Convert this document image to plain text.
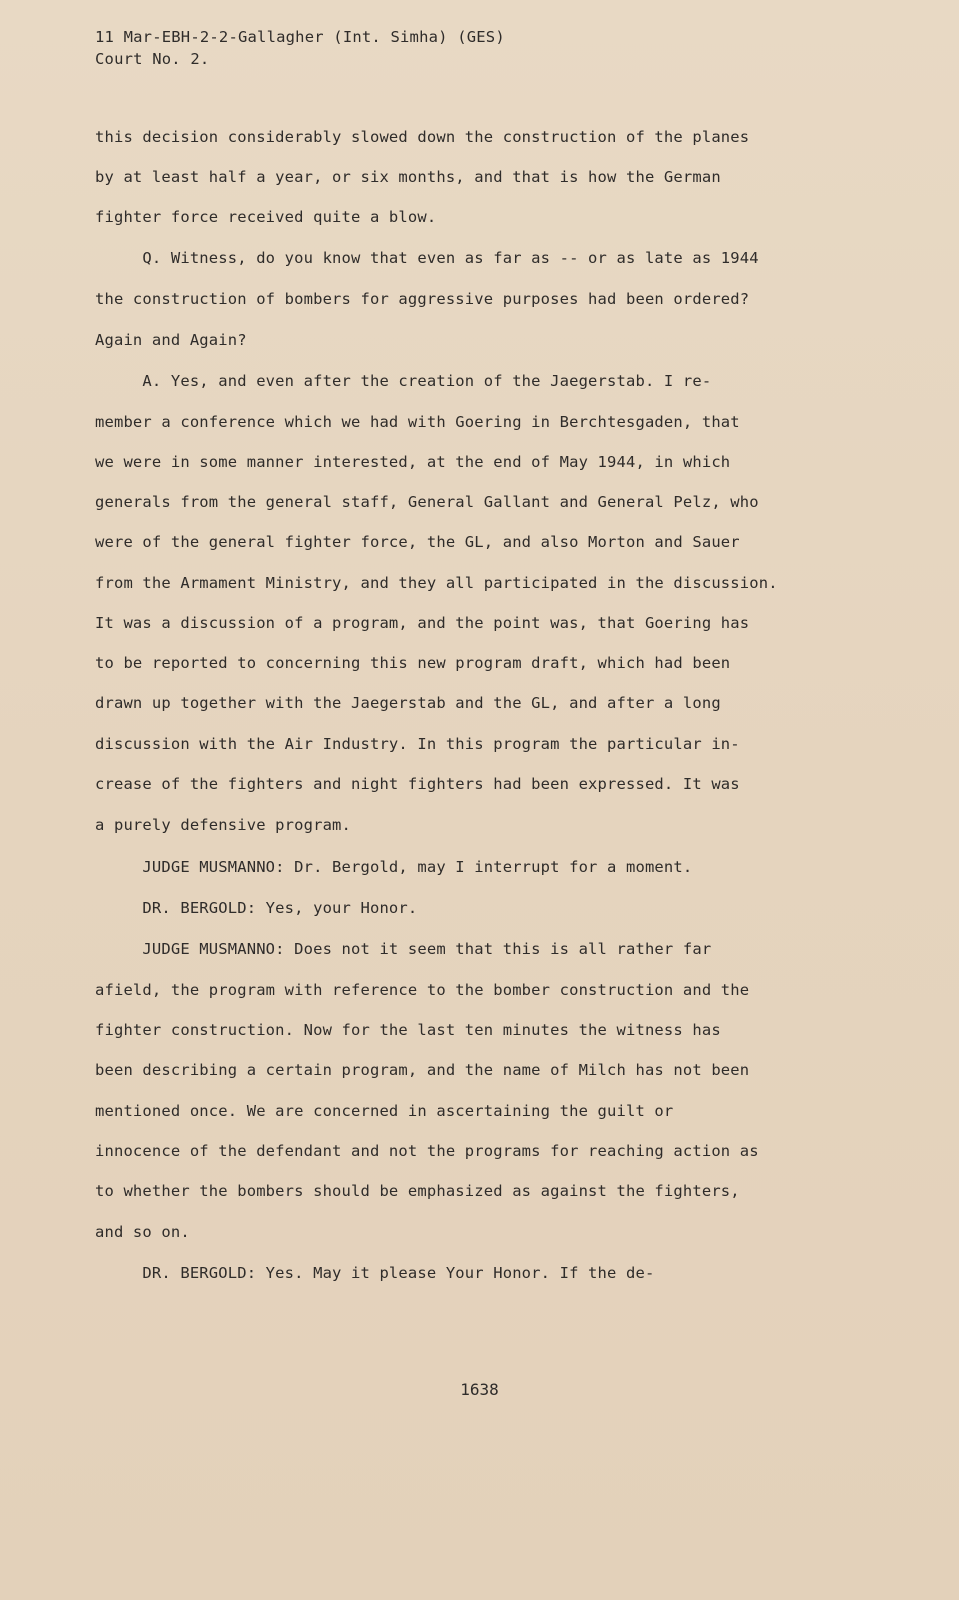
11 Mar-EBH-2-2-Gallagher (Int. Simha) (GES)
Court No. 2.
this decision considerably slowed down the construction of the planes
by at least half a year, or six months, and that is how the German
fighter force received quite a blow.
Q. Witness, do you know that even as far as -- or as late as 1944
the construction of bombers for aggressive purposes had been ordered?
Again and Again?
A. Yes, and even after the creation of the Jaegerstab. I re-
member a conference which we had with Goering in Berchtesgaden, that
we were in some manner interested, at the end of May 1944, in which
generals from the general staff, General Gallant and General Pelz, who
were of the general fighter force, the GL, and also Morton and Sauer
from the Armament Ministry, and they all participated in the discussion.
It was a discussion of a program, and the point was, that Goering has
to be reported to concerning this new program draft, which had been
drawn up together with the Jaegerstab and the GL, and after a long
discussion with the Air Industry. In this program the particular in-
crease of the fighters and night fighters had been expressed. It was
a purely defensive program.
JUDGE MUSMANNO: Dr. Bergold, may I interrupt for a moment.
DR. BERGOLD: Yes, your Honor.
JUDGE MUSMANNO: Does not it seem that this is all rather far
afield, the program with reference to the bomber construction and the
fighter construction. Now for the last ten minutes the witness has
been describing a certain program, and the name of Milch has not been
mentioned once. We are concerned in ascertaining the guilt or
innocence of the defendant and not the programs for reaching action as
to whether the bombers should be emphasized as against the fighters,
and so on.
DR. BERGOLD: Yes. May it please Your Honor. If the de-
1638
